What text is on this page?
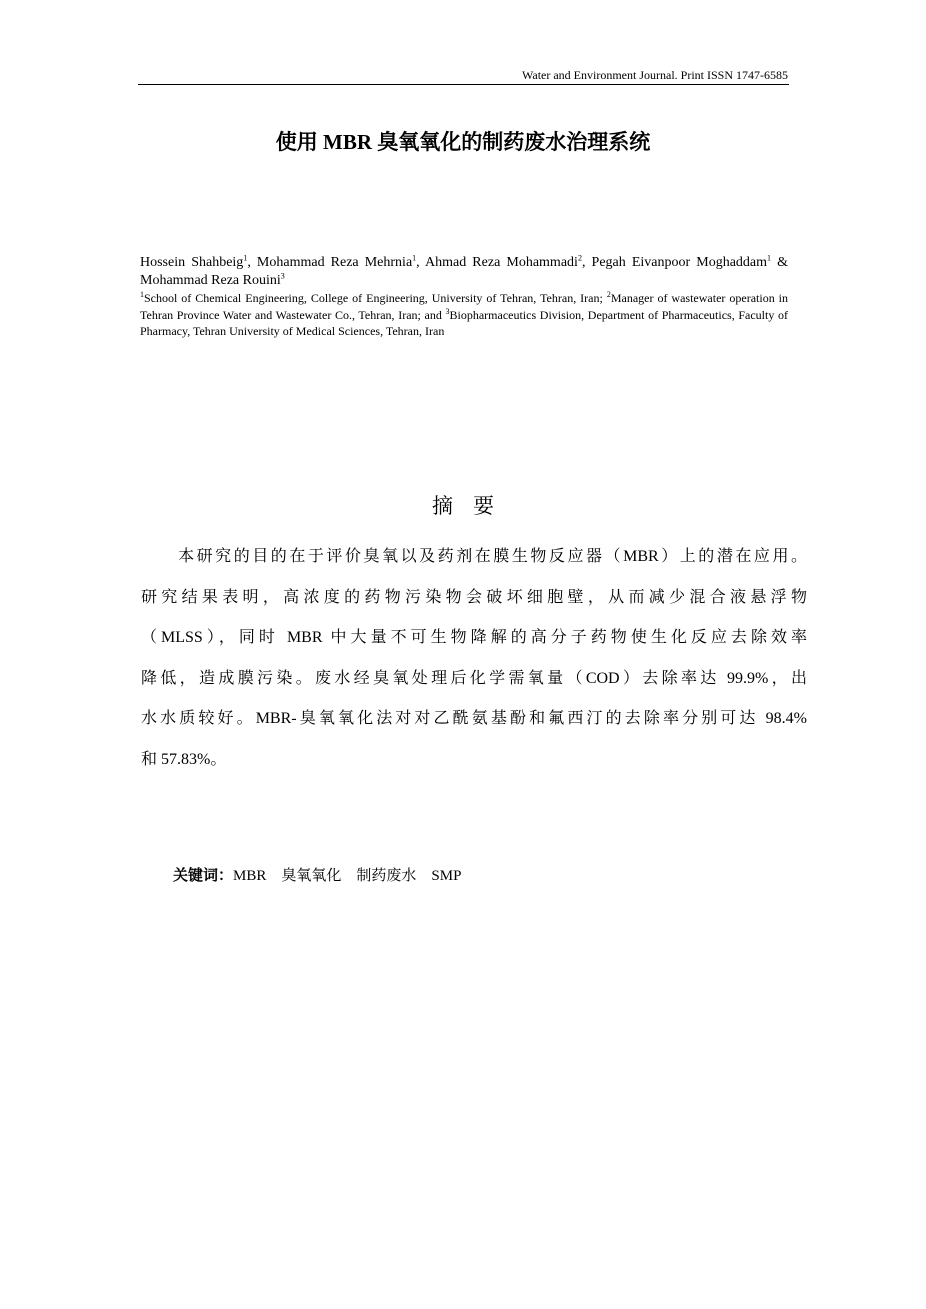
Water and Environment Journal. Print ISSN 1747-6585
使用 MBR 臭氧氧化的制药废水治理系统
Hossein Shahbeig$^1$, Mohammad Reza Mehrnia$^1$, Ahmad Reza Mohammadi$^2$, Pegah Eivanpoor Moghaddam$^1$ & Mohammad Reza Rouini$^3$
$^1$School of Chemical Engineering, College of Engineering, University of Tehran, Tehran, Iran; $^2$Manager of wastewater operation in Tehran Province Water and Wastewater Co., Tehran, Iran; and $^3$Biopharmaceutics Division, Department of Pharmaceutics, Faculty of Pharmacy, Tehran University of Medical Sciences, Tehran, Iran
摘要
　　本研究的目的在于评价臭氧以及药剂在膜生物反应器（MBR）上的潜在应用。
研究结果表明，高浓度的药物污染物会破坏细胞壁，从而减少混合液悬浮物
（MLSS），同时 MBR 中大量不可生物降解的高分子药物使生化反应去除效率
降低，造成膜污染。废水经臭氧处理后化学需氧量（COD）去除率达 99.9%，出
水水质较好。MBR-臭氧氧化法对对乙酰氨基酚和氟西汀的去除率分别可达 98.4%
和 57.83%。
关键词：MBR 臭氧氧化 制药废水 SMP
